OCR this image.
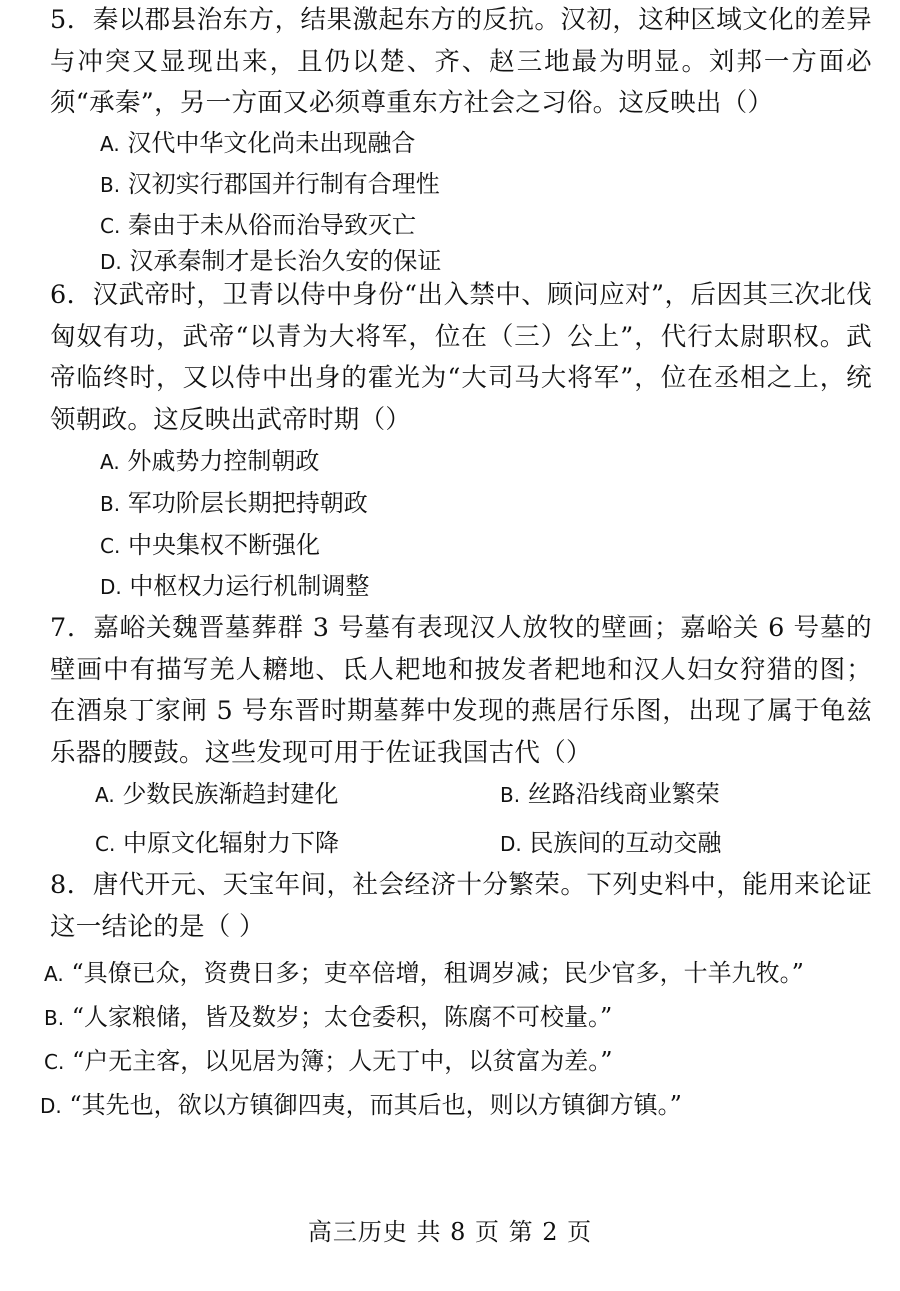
5．秦以郡县治东方，结果激起东方的反抗。汉初，这种区域文化的差异与冲突又显现出来，且仍以楚、齐、赵三地最为明显。刘邦一方面必须“承秦”，另一方面又必须尊重东方社会之习俗。这反映出（）
A. 汉代中华文化尚未出现融合
B. 汉初实行郡国并行制有合理性
C. 秦由于未从俗而治导致灭亡
D. 汉承秦制才是长治久安的保证
6．汉武帝时，卫青以侍中身份“出入禁中、顾问应对”，后因其三次北伐匈奴有功，武帝“以青为大将军，位在（三）公上”，代行太尉职权。武帝临终时，又以侍中出身的霍光为“大司马大将军”，位在丞相之上，统领朝政。这反映出武帝时期（）
A. 外戚势力控制朝政
B. 军功阶层长期把持朝政
C. 中央集权不断强化
D. 中枢权力运行机制调整
7．嘉峪关魏晋墓葬群 3 号墓有表现汉人放牧的壁画；嘉峪关 6 号墓的壁画中有描写羌人耱地、氐人耙地和披发者耙地和汉人妇女狩猎的图；在酒泉丁家闸 5 号东晋时期墓葬中发现的燕居行乐图，出现了属于龟兹乐器的腰鼓。这些发现可用于佐证我国古代（）
A. 少数民族渐趋封建化	B. 丝路沿线商业繁荣
C. 中原文化辐射力下降	D. 民族间的互动交融
8．唐代开元、天宝年间，社会经济十分繁荣。下列史料中，能用来论证这一结论的是（ ）
A. “具僚已众，资费日多；吏卒倍增，租调岁减；民少官多，十羊九牧。”
B. “人家粮储，皆及数岁；太仓委积，陈腐不可校量。”
C. “户无主客，以见居为簿；人无丁中，以贫富为差。”
D. “其先也，欲以方镇御四夷，而其后也，则以方镇御方镇。”
高三历史 共 8 页 第 2 页
